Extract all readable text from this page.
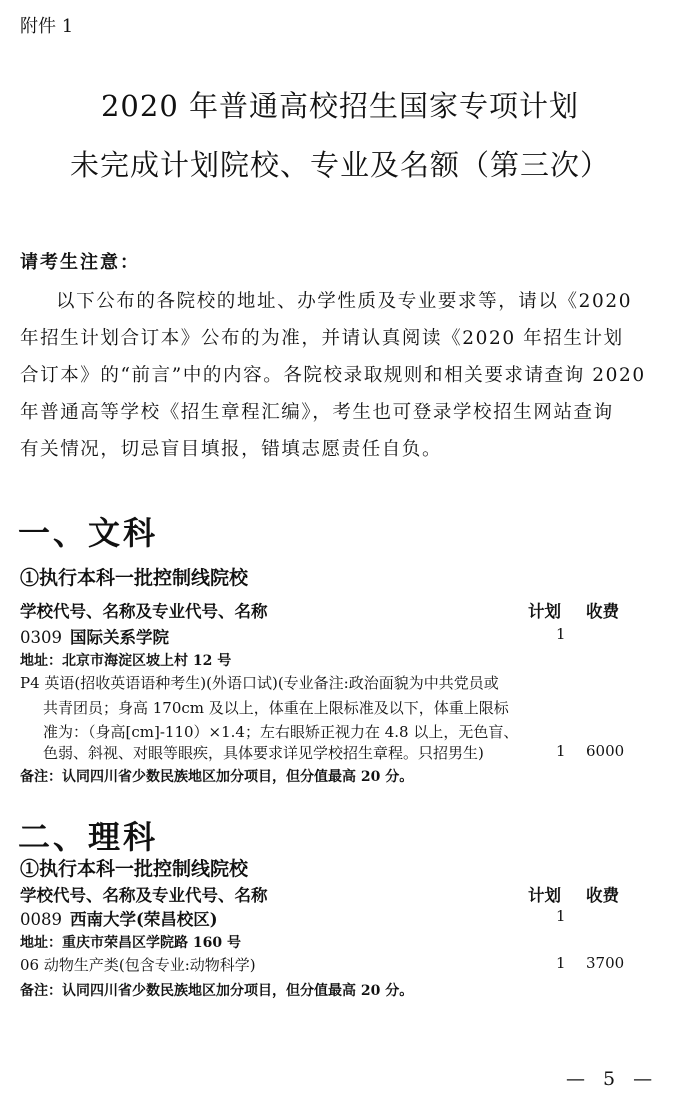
附件 1
2020 年普通高校招生国家专项计划
未完成计划院校、专业及名额（第三次）
请考生注意：
以下公布的各院校的地址、办学性质及专业要求等，请以《2020
年招生计划合订本》公布的为准，并请认真阅读《2020 年招生计划
合订本》的“前言”中的内容。各院校录取规则和相关要求请查询 2020
年普通高等学校《招生章程汇编》，考生也可登录学校招生网站查询
有关情况，切忌盲目填报，错填志愿责任自负。
一、文科
①执行本科一批控制线院校
学校代号、名称及专业代号、名称	计划 收费
0309 国际关系学院	1
地址：北京市海淀区坡上村 12 号
P4 英语(招收英语语种考生)(外语口试)(专业备注:政治面貌为中共党员或
共青团员；身高 170cm 及以上，体重在上限标准及以下，体重上限标
准为：（身高[cm]-110）×1.4；左右眼矫正视力在 4.8 以上，无色盲、
色弱、斜视、对眼等眼疾，具体要求详见学校招生章程。只招男生)	1 6000
备注：认同四川省少数民族地区加分项目，但分值最高 20 分。
二、理科
①执行本科一批控制线院校
学校代号、名称及专业代号、名称	计划 收费
0089 西南大学(荣昌校区)	1
地址：重庆市荣昌区学院路 160 号
06 动物生产类(包含专业:动物科学)	1 3700
备注：认同四川省少数民族地区加分项目，但分值最高 20 分。
— 5 —
